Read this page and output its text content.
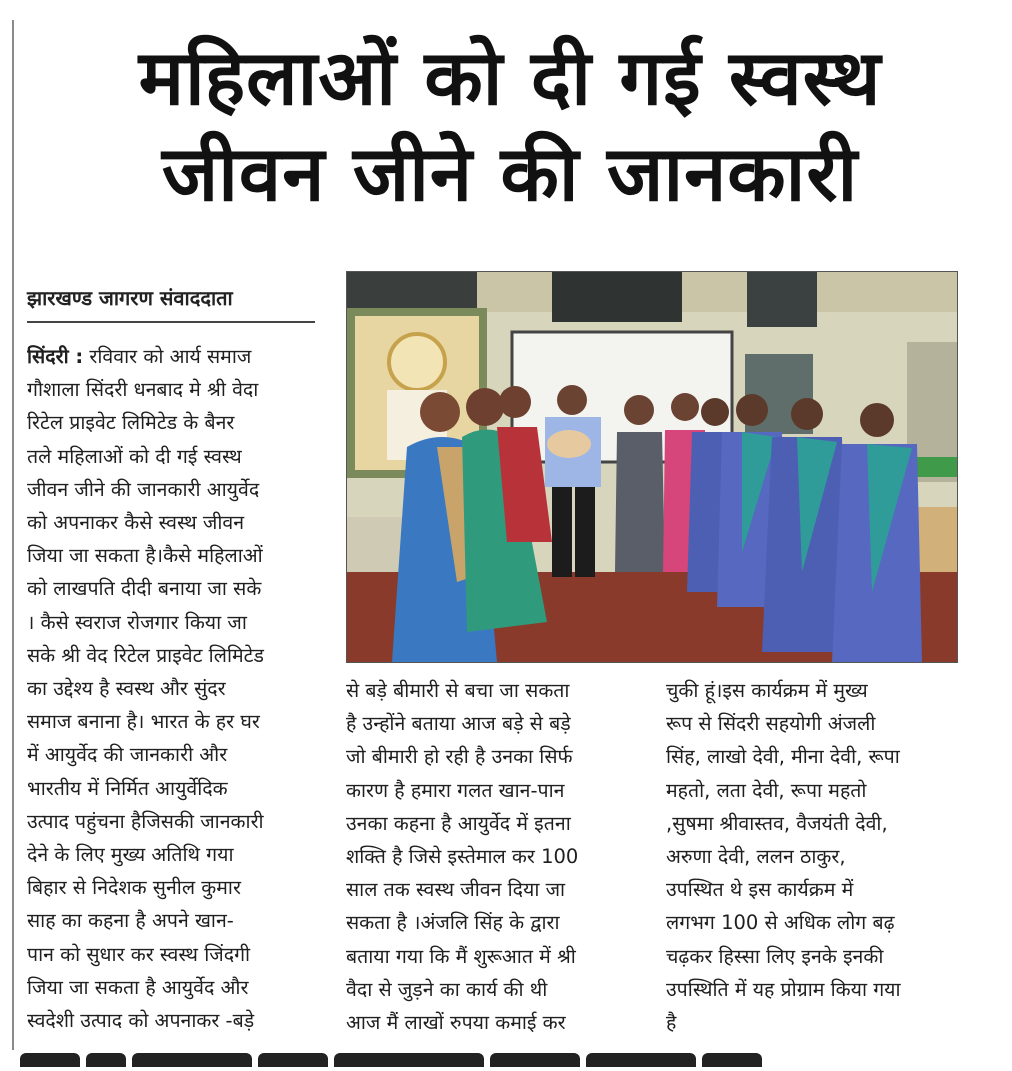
महिलाओं को दी गई स्वस्थ
जीवन जीने की जानकारी
झारखण्ड जागरण संवाददाता
सिंदरी : रविवार को आर्य समाज
गौशाला सिंदरी धनबाद मे श्री वेदा
रिटेल प्राइवेट लिमिटेड के बैनर
तले महिलाओं को दी गई स्वस्थ
जीवन जीने की जानकारी आयुर्वेद
को अपनाकर कैसे स्वस्थ जीवन
जिया जा सकता है।कैसे महिलाओं
को लाखपति दीदी बनाया जा सके
। कैसे स्वराज रोजगार किया जा
सके श्री वेद रिटेल प्राइवेट लिमिटेड
का उद्देश्य है स्वस्थ और सुंदर
समाज बनाना है। भारत के हर घर
में आयुर्वेद की जानकारी और
भारतीय में निर्मित आयुर्वेदिक
उत्पाद पहुंचना हैजिसकी जानकारी
देने के लिए मुख्य अतिथि गया
बिहार से निदेशक सुनील कुमार
साह का कहना है अपने खान-
पान को सुधार कर स्वस्थ जिंदगी
जिया जा सकता है आयुर्वेद और
स्वदेशी उत्पाद को अपनाकर -बड़े
से बड़े बीमारी से बचा जा सकता
है उन्होंने बताया आज बड़े से बड़े
जो बीमारी हो रही है उनका सिर्फ
कारण है हमारा गलत खान-पान
उनका कहना है आयुर्वेद में इतना
शक्ति है जिसे इस्तेमाल कर 100
साल तक स्वस्थ जीवन दिया जा
सकता है ।अंजलि सिंह के द्वारा
बताया गया कि मैं शुरूआत में श्री
वैदा से जुड़ने का कार्य की थी
आज मैं लाखों रुपया कमाई कर
चुकी हूं।इस कार्यक्रम में मुख्य
रूप से सिंदरी सहयोगी अंजली
सिंह, लाखो देवी, मीना देवी, रूपा
महतो, लता देवी, रूपा महतो
,सुषमा श्रीवास्तव, वैजयंती देवी,
अरुणा देवी, ललन ठाकुर,
उपस्थित थे इस कार्यक्रम में
लगभग 100 से अधिक लोग बढ़
चढ़कर हिस्सा लिए इनके इनकी
उपस्थिति में यह प्रोग्राम किया गया
है
